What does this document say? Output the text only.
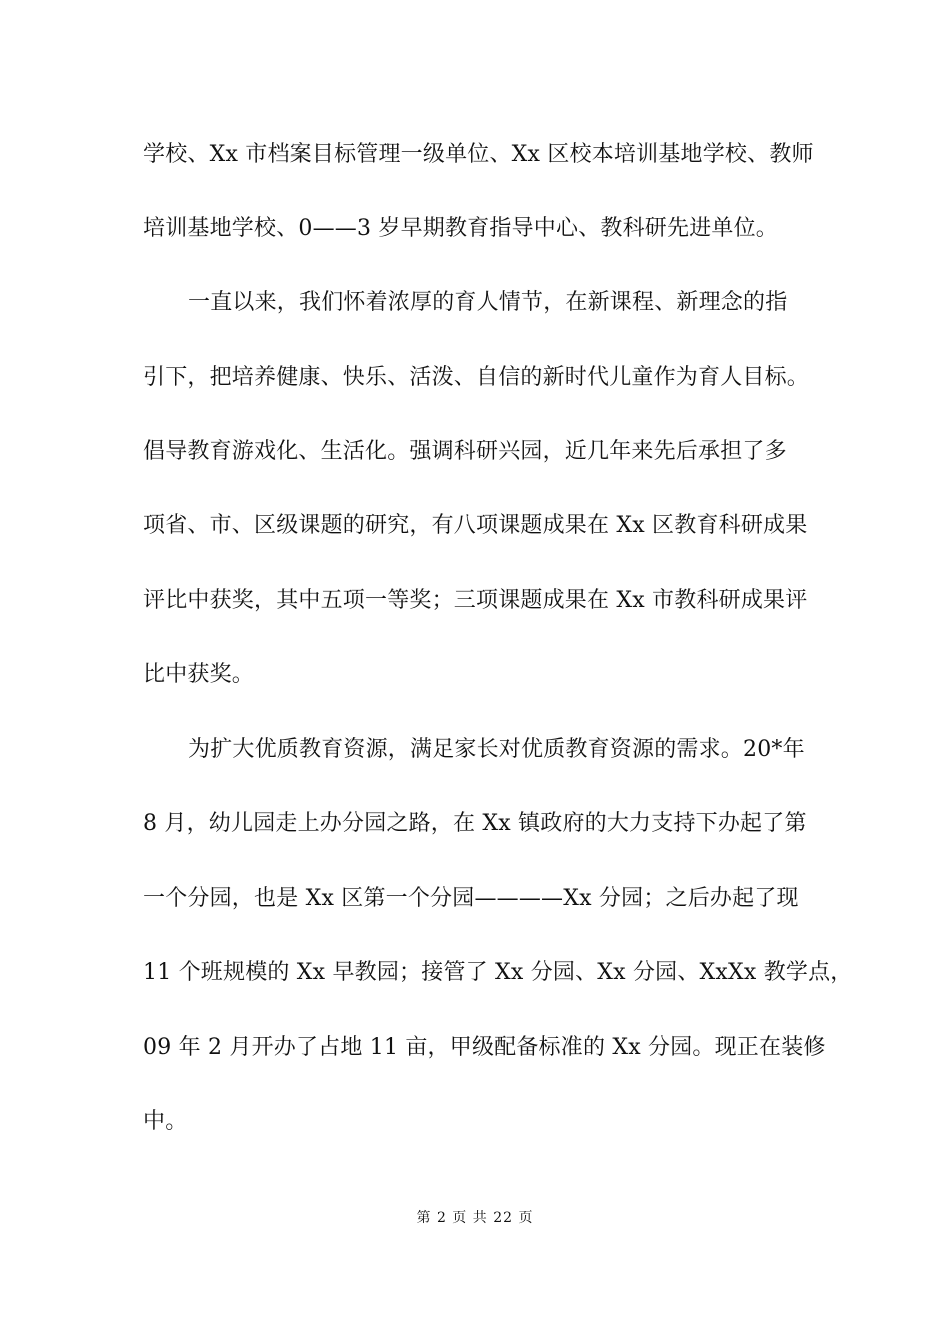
学校、Xx 市档案目标管理一级单位、Xx 区校本培训基地学校、教师
培训基地学校、0——3 岁早期教育指导中心、教科研先进单位。
一直以来，我们怀着浓厚的育人情节，在新课程、新理念的指
引下，把培养健康、快乐、活泼、自信的新时代儿童作为育人目标。
倡导教育游戏化、生活化。强调科研兴园，近几年来先后承担了多
项省、市、区级课题的研究，有八项课题成果在 Xx 区教育科研成果
评比中获奖，其中五项一等奖；三项课题成果在 Xx 市教科研成果评
比中获奖。
为扩大优质教育资源，满足家长对优质教育资源的需求。20*年
8 月，幼儿园走上办分园之路，在 Xx 镇政府的大力支持下办起了第
一个分园，也是 Xx 区第一个分园————Xx 分园；之后办起了现
11 个班规模的 Xx 早教园；接管了 Xx 分园、Xx 分园、XxXx 教学点，
09 年 2 月开办了占地 11 亩，甲级配备标准的 Xx 分园。现正在装修
中。
第 2 页 共 22 页
